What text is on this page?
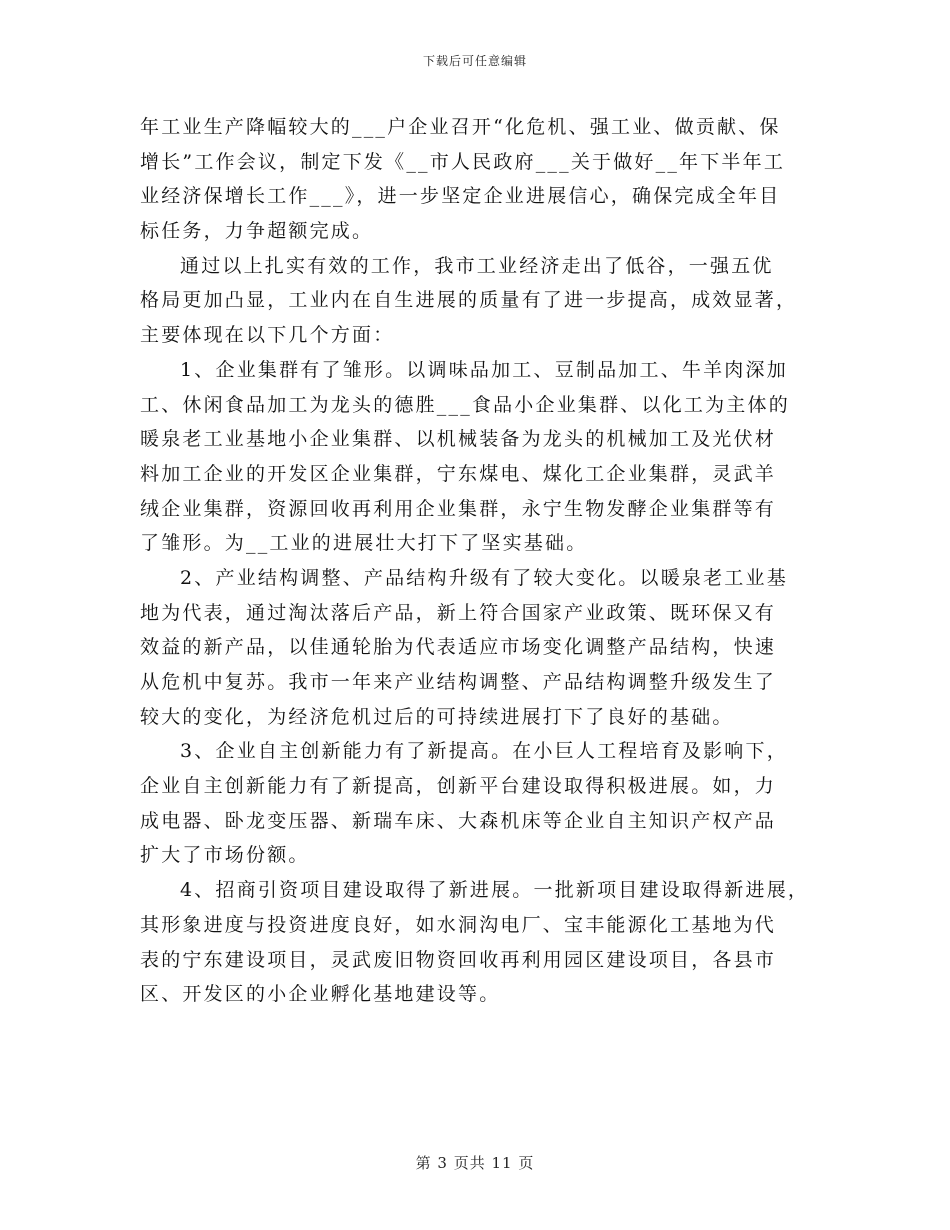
下载后可任意编辑
年工业生产降幅较大的___户企业召开“化危机、强工业、做贡献、保
增长”工作会议，制定下发《__市人民政府___关于做好__年下半年工
业经济保增长工作___》，进一步坚定企业进展信心，确保完成全年目
标任务，力争超额完成。
通过以上扎实有效的工作，我市工业经济走出了低谷，一强五优
格局更加凸显，工业内在自生进展的质量有了进一步提高，成效显著，
主要体现在以下几个方面：
1、企业集群有了雏形。以调味品加工、豆制品加工、牛羊肉深加
工、休闲食品加工为龙头的德胜___食品小企业集群、以化工为主体的
暖泉老工业基地小企业集群、以机械装备为龙头的机械加工及光伏材
料加工企业的开发区企业集群，宁东煤电、煤化工企业集群，灵武羊
绒企业集群，资源回收再利用企业集群，永宁生物发酵企业集群等有
了雏形。为__工业的进展壮大打下了坚实基础。
2、产业结构调整、产品结构升级有了较大变化。以暖泉老工业基
地为代表，通过淘汰落后产品，新上符合国家产业政策、既环保又有
效益的新产品，以佳通轮胎为代表适应市场变化调整产品结构，快速
从危机中复苏。我市一年来产业结构调整、产品结构调整升级发生了
较大的变化，为经济危机过后的可持续进展打下了良好的基础。
3、企业自主创新能力有了新提高。在小巨人工程培育及影响下，
企业自主创新能力有了新提高，创新平台建设取得积极进展。如，力
成电器、卧龙变压器、新瑞车床、大森机床等企业自主知识产权产品
扩大了市场份额。
4、招商引资项目建设取得了新进展。一批新项目建设取得新进展，
其形象进度与投资进度良好，如水洞沟电厂、宝丰能源化工基地为代
表的宁东建设项目，灵武废旧物资回收再利用园区建设项目，各县市
区、开发区的小企业孵化基地建设等。
第 3 页共 11 页
